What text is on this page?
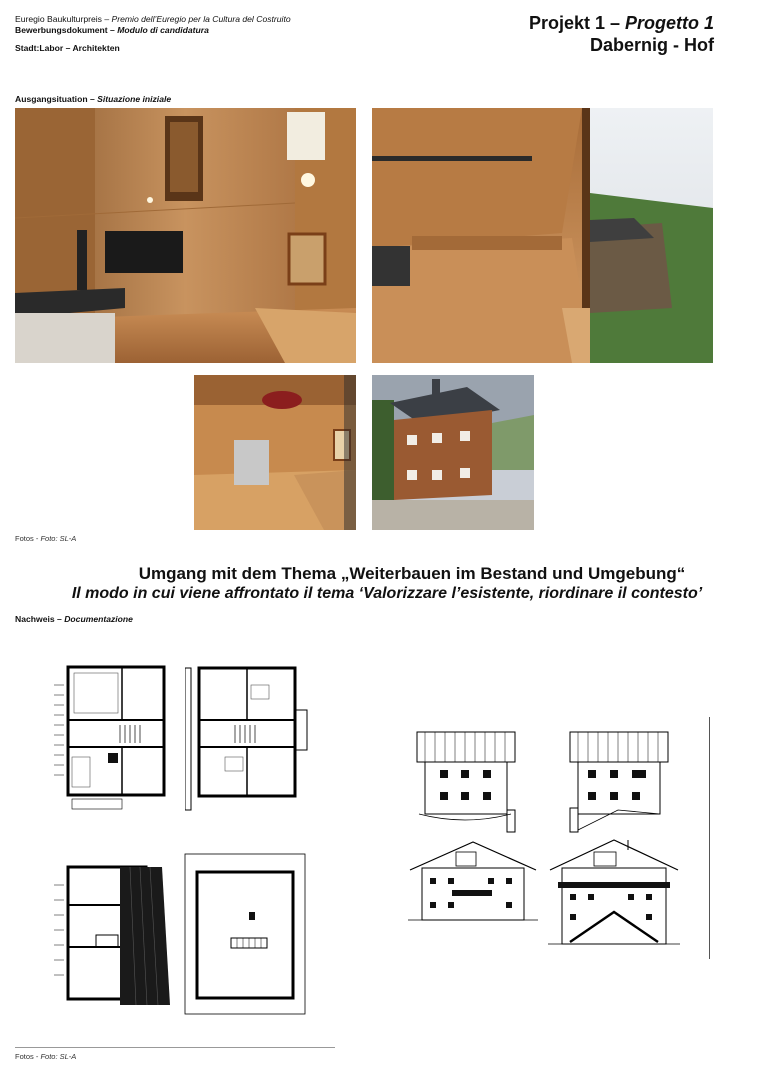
Euregio Baukulturpreis – Premio dell’Euregio per la Cultura del Costruito
Bewerbungsdokument – Modulo di candidatura
Stadt:Labor – Architekten
Projekt 1 – Progetto 1
Dabernig - Hof
Ausgangsituation – Situazione iniziale
Fotos - Foto: SL-A
Umgang mit dem Thema „Weiterbauen im Bestand und Umgebung“
Il modo in cui viene affrontato il tema ‘Valorizzare l’esistente, riordinare il contesto’
Nachweis – Documentazione
Fotos - Foto: SL-A
